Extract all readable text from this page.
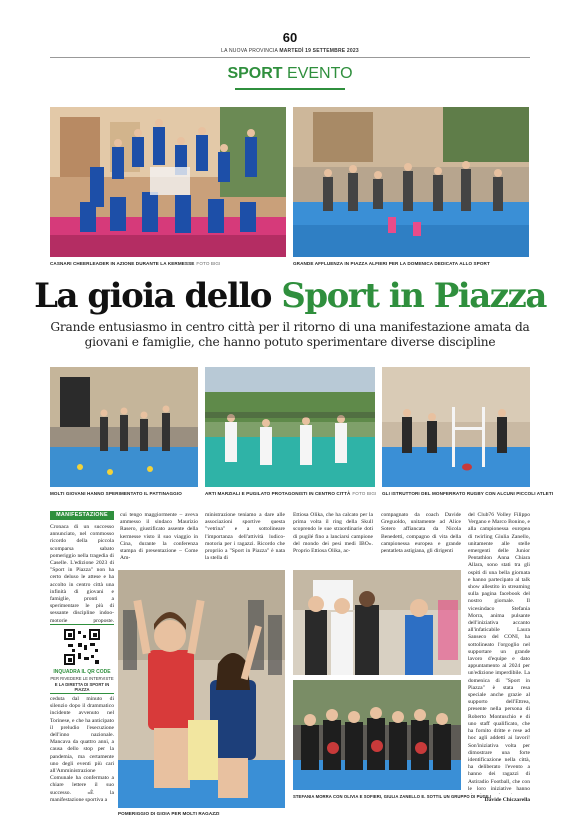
60
LA NUOVA PROVINCIA MARTEDÌ 19 SETTEMBRE 2023
SPORT EVENTO
CASNARI CHEERLEADER IN AZIONE DURANTE LA KERMESSE FOTO BIGI	GRANDE AFFLUENZA IN PIAZZA ALFIERI PER LA DOMENICA DEDICATA ALLO SPORT
La gioia dello Sport in Piazza
Grande entusiasmo in centro città per il ritorno di una manifestazione amata da giovani e famiglie, che hanno potuto sperimentare diverse discipline
MOLTI GIOVANI HANNO SPERIMENTATO IL PATTINAGGIO	ARTI MARZIALI E PUGILATO PROTAGONISTI IN CENTRO CITTÀ FOTO BIGI GLI ISTRUTTORI DEL MONFERRATO RUGBY CON ALCUNI PICCOLI ATLETI
MANIFESTAZIONE

Cronaca di un successo annunciato, nel commosso ricordo della piccola scomparsa sabato pomeriggio nella tragedia di Caselle. L'edizione 2023 di "Sport in Piazza" non ha certo deluso le attese e ha accolto in centro città una infinità di giovani e famiglie, pronti a sperimentare le più di sessante discipline indoo-motorie proposte.

INQUADRA IL QR CODE
PER RIVEDERE LE INTERVISTE
E LA DIRETTA DI SPORT IN PIAZZA

ceduta dal minuto di silenzio dopo il drammatico incidente avvenuto nel Torinese, e che ha anticipato il preludio l'esecuzione dell'inno nazionale. Mancava da quattro anni, a causa dello stop per la pandemia, ma certamente uno degli eventi più cari all'Amministrazione Comunale ha confermato a chiare lettere il suo successo. «È la manifestazione sportiva a

cui tengo maggiormente – aveva ammesso il sindaco Maurizio Rasero, giustificato assente della kermesse visto il suo viaggio in Cina, durante la conferenza stampa di presentazione – Come Am-

ministrazione teniamo a dare alle associazioni sportive questa "vetrina" e a sottolineare l'importanza dell'attività ludico-motoria per i ragazzi. Ricordo che propriio a "Sport in Piazza" è nata la stella di

Ettiosa Olika, che ha calcato per la prima volta il ring della Skull scoprendo le sue straordinarie doti di pugilé fino a lanciarsi campione del mondo dei pesi medi IBO». Proprio Ettiosa Olika, ac-

compagnato da coach Davide Greguoldo, unitamente ad Alice Sotero affiancata da Nicola Benedetti, compagno di vita della campionessa europea e grande pentatleta astigiana, gli dirigenti

del Club76 Volley Filippo Vergano e Marco Bonino, e alla campionessa europea di twirling Giulia Zanello, unitamente alle stelle emergenti delle Junior Pentathlon Anna Chiara Allara, sono stati tra gli ospiti di una bella giornata e hanno partecipato al talk show allestito in streaming sulla pagina facebook del nostro giornale. Il vicesindaco Stefania Morra, anima pulsante dell'iniziativa accanto all'infaticabile Laura Sanseco del CONI, ha sottolineato l'orgoglio nel supportare un grande lavoro d'equipe e dato appuntamento al 2024 per un'edizione imperdibile. La domenica di "Sport in Piazza" è stata resa speciale anche grazie al supporto dell'Ettrea, presente nella persona di Roberto Montuschio e di uno staff qualificato, che ha fornito dritte e rese ad hoc agli addetti ai lavori! Son'iniziativa volta per dimostrare una forte identificazione nella città, ha deliberato l'evento a hanno dei ragazzi di Astiradio Football, che con le loro iniziative hanno

Davide Chiczarella
POMERIGGIO DI GIOIA PER MOLTI RAGAZZI
STEFANIA MORRA CON OLIVIA E SOFIERI, GIULIA ZANELLO E. SOTTIL UN GRUPPO DI PUGILI
